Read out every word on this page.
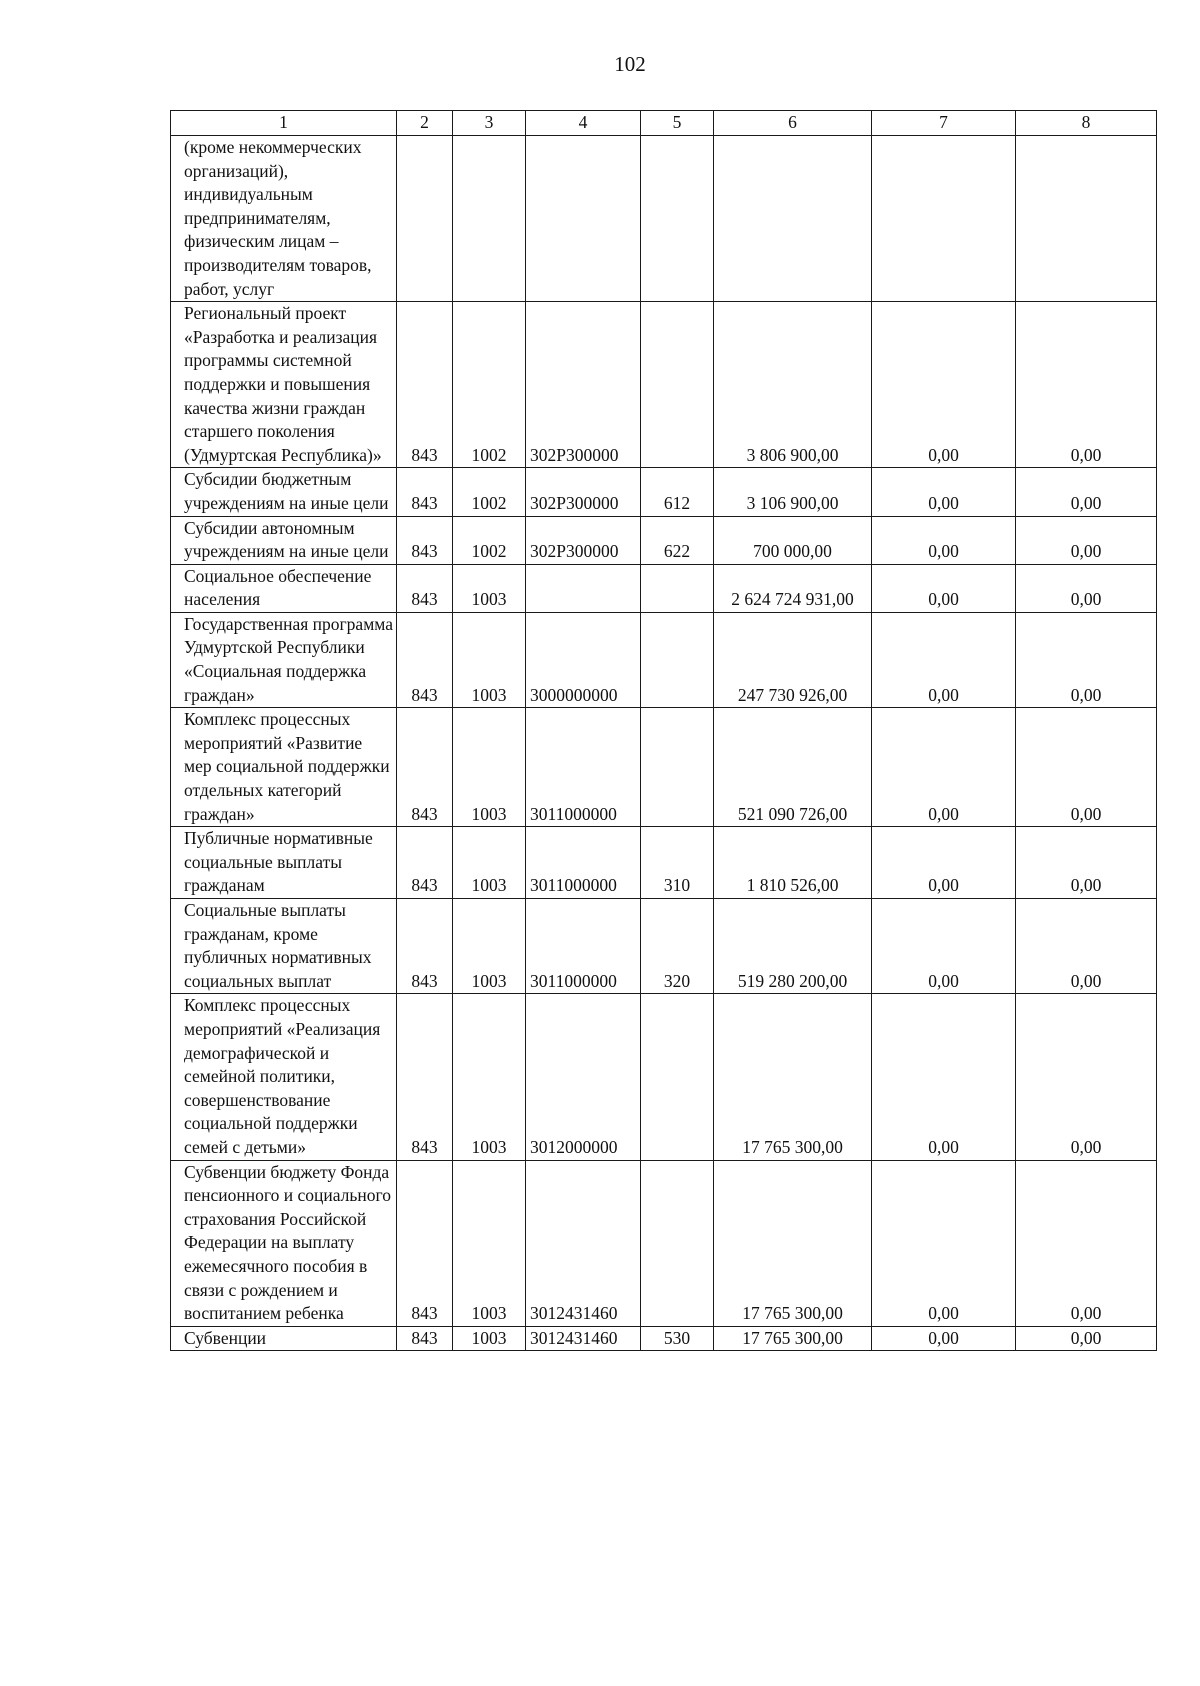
102
1	2	3	4	5	6	7	8
(кроме некоммерческих организаций), индивидуальным предпринимателям, физическим лицам – производителям товаров, работ, услуг							
Региональный проект «Разработка и реализация программы системной поддержки и повышения качества жизни граждан старшего поколения (Удмуртская Республика)»	843	1002	302P300000		3 806 900,00	0,00	0,00
Субсидии бюджетным учреждениям на иные цели	843	1002	302P300000	612	3 106 900,00	0,00	0,00
Субсидии автономным учреждениям на иные цели	843	1002	302P300000	622	700 000,00	0,00	0,00
Социальное обеспечение населения	843	1003			2 624 724 931,00	0,00	0,00
Государственная программа Удмуртской Республики «Социальная поддержка граждан»	843	1003	3000000000		247 730 926,00	0,00	0,00
Комплекс процессных мероприятий «Развитие мер социальной поддержки отдельных категорий граждан»	843	1003	3011000000		521 090 726,00	0,00	0,00
Публичные нормативные социальные выплаты гражданам	843	1003	3011000000	310	1 810 526,00	0,00	0,00
Социальные выплаты гражданам, кроме публичных нормативных социальных выплат	843	1003	3011000000	320	519 280 200,00	0,00	0,00
Комплекс процессных мероприятий «Реализация демографической и семейной политики, совершенствование социальной поддержки семей с детьми»	843	1003	3012000000		17 765 300,00	0,00	0,00
Субвенции бюджету Фонда пенсионного и социального страхования Российской Федерации на выплату ежемесячного пособия в связи с рождением и воспитанием ребенка	843	1003	3012431460		17 765 300,00	0,00	0,00
Субвенции	843	1003	3012431460	530	17 765 300,00	0,00	0,00
